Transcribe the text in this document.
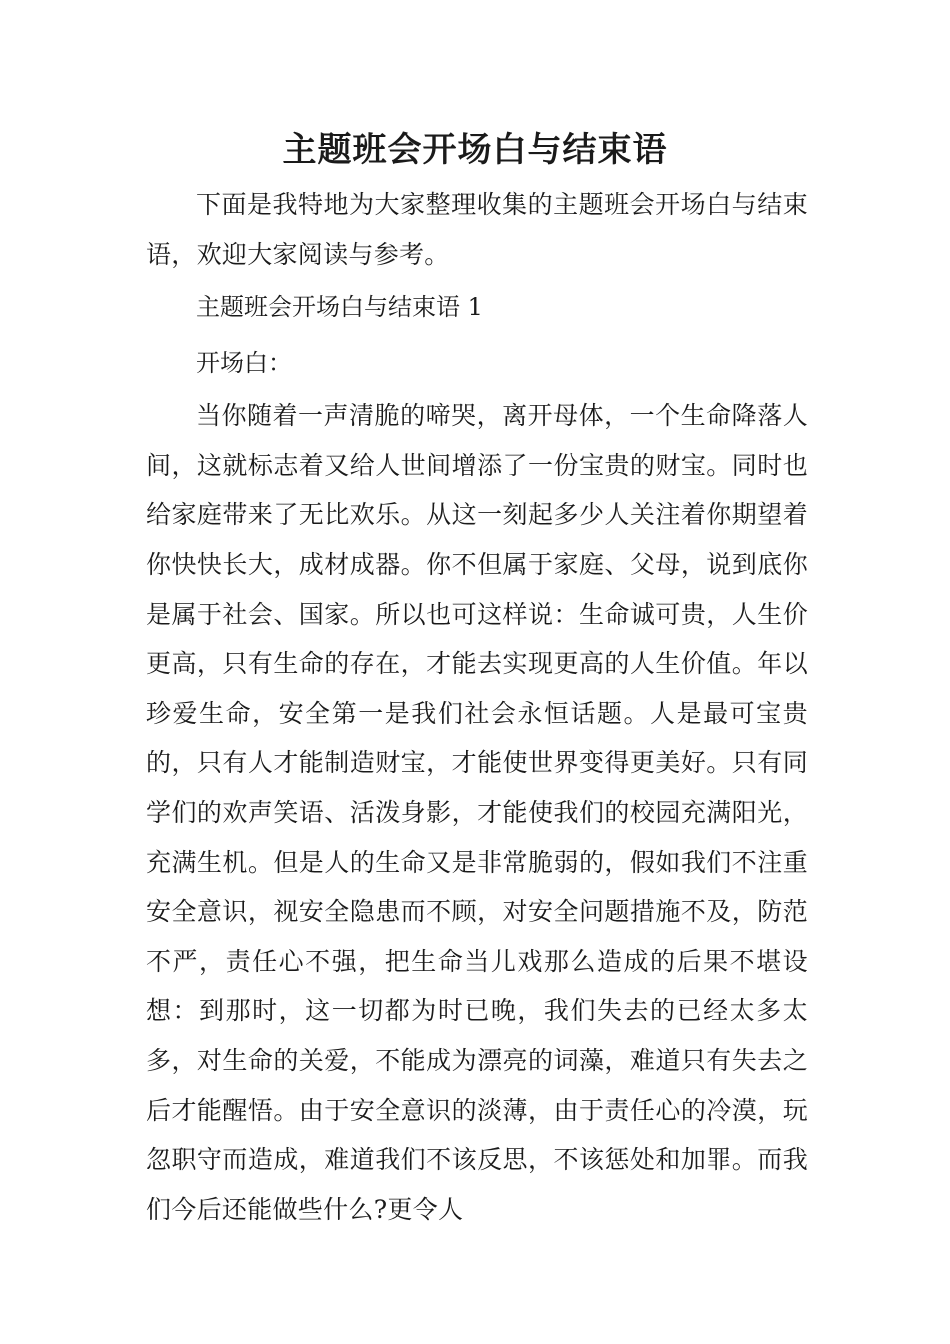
主题班会开场白与结束语

下面是我特地为大家整理收集的主题班会开场白与结束语，欢迎大家阅读与参考。

主题班会开场白与结束语 1

开场白：

当你随着一声清脆的啼哭，离开母体，一个生命降落人间，这就标志着又给人世间增添了一份宝贵的财宝。同时也给家庭带来了无比欢乐。从这一刻起多少人关注着你期望着你快快长大，成材成器。你不但属于家庭、父母，说到底你是属于社会、国家。所以也可这样说：生命诚可贵，人生价更高，只有生命的存在，才能去实现更高的人生价值。年以珍爱生命，安全第一是我们社会永恒话题。人是最可宝贵的，只有人才能制造财宝，才能使世界变得更美好。只有同学们的欢声笑语、活泼身影，才能使我们的校园充满阳光，充满生机。但是人的生命又是非常脆弱的，假如我们不注重安全意识，视安全隐患而不顾，对安全问题措施不及，防范不严，责任心不强，把生命当儿戏那么造成的后果不堪设想：到那时，这一切都为时已晚，我们失去的已经太多太多，对生命的关爱，不能成为漂亮的词藻，难道只有失去之后才能醒悟。由于安全意识的淡薄，由于责任心的冷漠，玩忽职守而造成，难道我们不该反思，不该惩处和加罪。而我们今后还能做些什么?更令人
